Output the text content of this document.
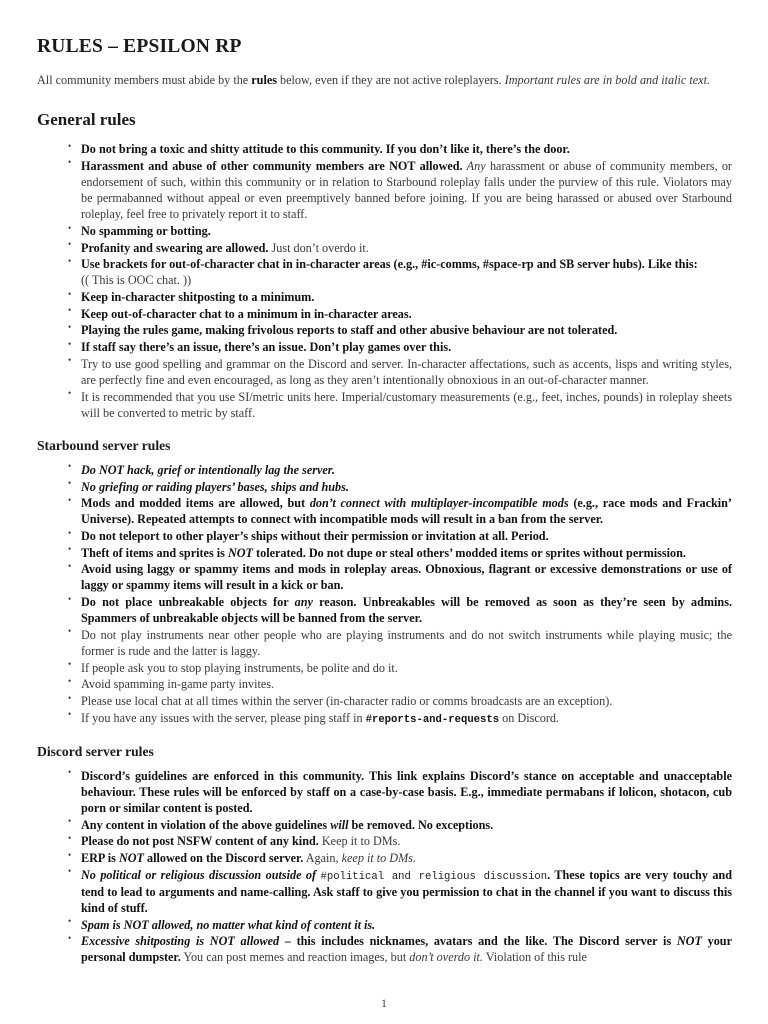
RULES – EPSILON RP

All community members must abide by the rules below, even if they are not active roleplayers. Important rules are in bold and italic text.

General rules
• Do not bring a toxic and shitty attitude to this community. If you don’t like it, there’s the door.
• Harassment and abuse of other community members are NOT allowed. Any harassment or abuse of community members, or endorsement of such, within this community or in relation to Starbound roleplay falls under the purview of this rule. Violators may be permabanned without appeal or even preemptively banned before joining. If you are being harassed or abused over Starbound roleplay, feel free to privately report it to staff.
• No spamming or botting.
• Profanity and swearing are allowed. Just don’t overdo it.
• Use brackets for out-of-character chat in in-character areas (e.g., #ic-comms, #space-rp and SB server hubs). Like this:
(( This is OOC chat. ))
• Keep in-character shitposting to a minimum.
• Keep out-of-character chat to a minimum in in-character areas.
• Playing the rules game, making frivolous reports to staff and other abusive behaviour are not tolerated.
• If staff say there’s an issue, there’s an issue. Don’t play games over this.
• Try to use good spelling and grammar on the Discord and server. In-character affectations, such as accents, lisps and writing styles, are perfectly fine and even encouraged, as long as they aren’t intentionally obnoxious in an out-of-character manner.
• It is recommended that you use SI/metric units here. Imperial/customary measurements (e.g., feet, inches, pounds) in roleplay sheets will be converted to metric by staff.
Starbound server rules
• Do NOT hack, grief or intentionally lag the server.
• No griefing or raiding players’ bases, ships and hubs.
• Mods and modded items are allowed, but don’t connect with multiplayer-incompatible mods (e.g., race mods and Frackin’ Universe). Repeated attempts to connect with incompatible mods will result in a ban from the server.
• Do not teleport to other player’s ships without their permission or invitation at all. Period.
• Theft of items and sprites is NOT tolerated. Do not dupe or steal others’ modded items or sprites without permission.
• Avoid using laggy or spammy items and mods in roleplay areas. Obnoxious, flagrant or excessive demonstrations or use of laggy or spammy items will result in a kick or ban.
• Do not place unbreakable objects for any reason. Unbreakables will be removed as soon as they’re seen by admins. Spammers of unbreakable objects will be banned from the server.
• Do not play instruments near other people who are playing instruments and do not switch instruments while playing music; the former is rude and the latter is laggy.
• If people ask you to stop playing instruments, be polite and do it.
• Avoid spamming in-game party invites.
• Please use local chat at all times within the server (in-character radio or comms broadcasts are an exception).
• If you have any issues with the server, please ping staff in #reports-and-requests on Discord.
Discord server rules
• Discord’s guidelines are enforced in this community. This link explains Discord’s stance on acceptable and unacceptable behaviour. These rules will be enforced by staff on a case-by-case basis. E.g., immediate permabans if lolicon, shotacon, cub porn or similar content is posted.
• Any content in violation of the above guidelines will be removed. No exceptions.
• Please do not post NSFW content of any kind. Keep it to DMs.
• ERP is NOT allowed on the Discord server. Again, keep it to DMs.
• No political or religious discussion outside of #political and religious discussion. These topics are very touchy and tend to lead to arguments and name-calling. Ask staff to give you permission to chat in the channel if you want to discuss this kind of stuff.
• Spam is NOT allowed, no matter what kind of content it is.
• Excessive shitposting is NOT allowed – this includes nicknames, avatars and the like. The Discord server is NOT your personal dumpster. You can post memes and reaction images, but don’t overdo it. Violation of this rule
1
